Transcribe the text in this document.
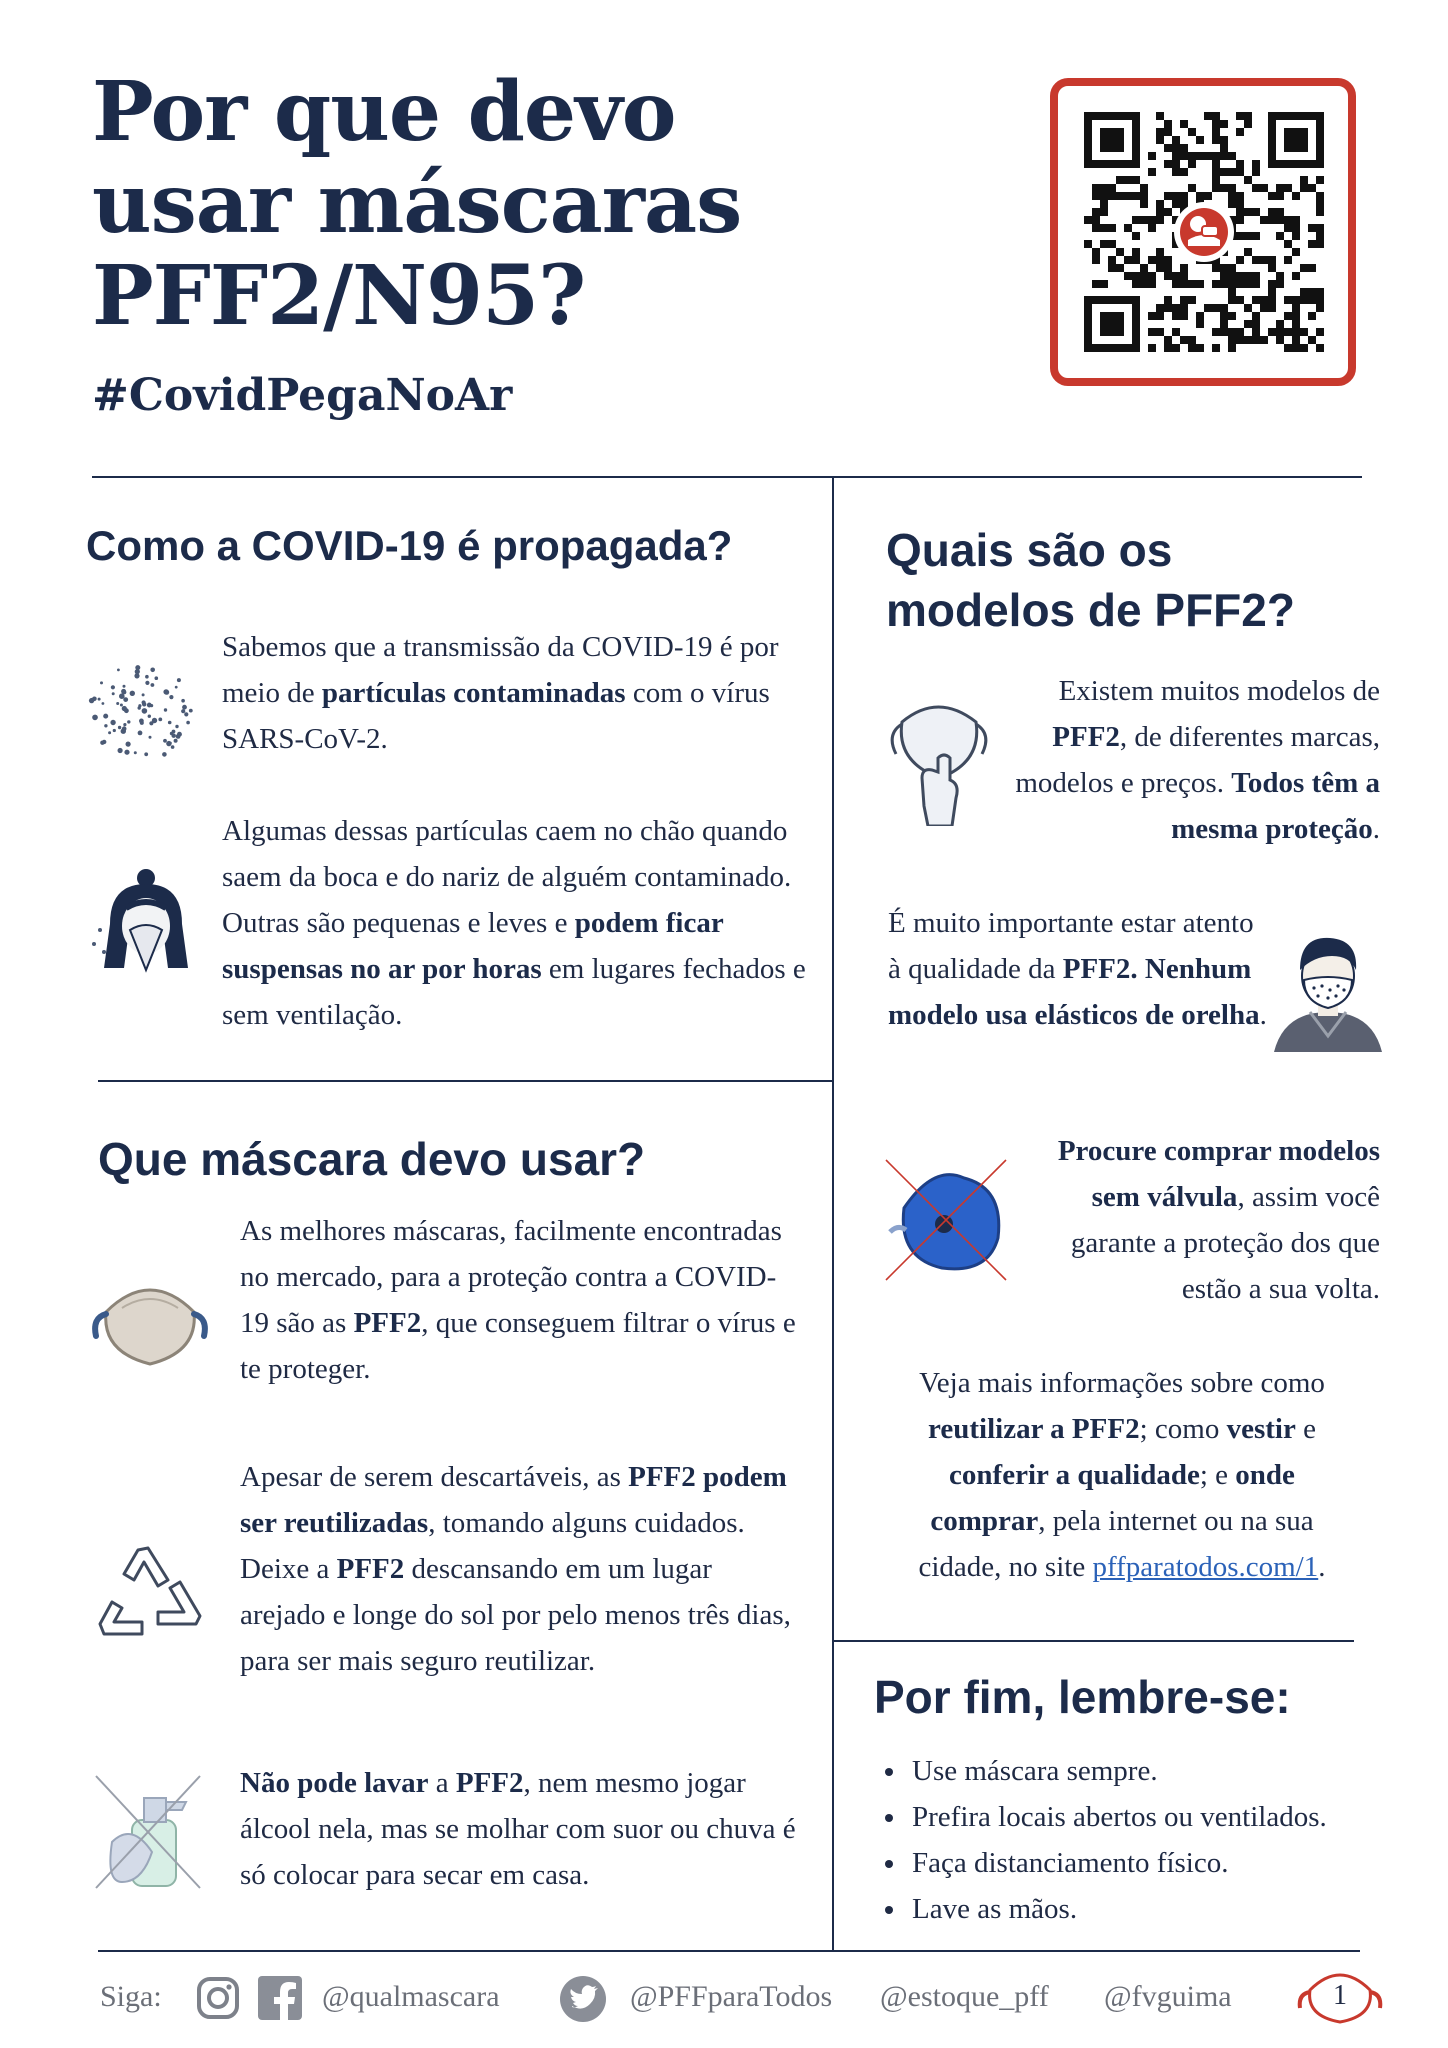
Por que devo usar máscaras PFF2/N95?
#CovidPegaNoAr
Como a COVID-19 é propagada?
Sabemos que a transmissão da COVID-19 é por meio de partículas contaminadas com o vírus SARS-CoV-2.
Algumas dessas partículas caem no chão quando saem da boca e do nariz de alguém contaminado. Outras são pequenas e leves e podem ficar suspensas no ar por horas em lugares fechados e sem ventilação.
Que máscara devo usar?
As melhores máscaras, facilmente encontradas no mercado, para a proteção contra a COVID-19 são as PFF2, que conseguem filtrar o vírus e te proteger.
Apesar de serem descartáveis, as PFF2 podem ser reutilizadas, tomando alguns cuidados. Deixe a PFF2 descansando em um lugar arejado e longe do sol por pelo menos três dias, para ser mais seguro reutilizar.
Não pode lavar a PFF2, nem mesmo jogar álcool nela, mas se molhar com suor ou chuva é só colocar para secar em casa.
Quais são os modelos de PFF2?
Existem muitos modelos de PFF2, de diferentes marcas, modelos e preços. Todos têm a mesma proteção.
É muito importante estar atento à qualidade da PFF2. Nenhum modelo usa elásticos de orelha.
Procure comprar modelos sem válvula, assim você garante a proteção dos que estão a sua volta.
Veja mais informações sobre como reutilizar a PFF2; como vestir e conferir a qualidade; e onde comprar, pela internet ou na sua cidade, no site pffparatodos.com/1.
Por fim, lembre-se:
• Use máscara sempre.
• Prefira locais abertos ou ventilados.
• Faça distanciamento físico.
• Lave as mãos.
Siga:	@qualmascara	@PFFparaTodos @estoque_pff @fvguima	1
